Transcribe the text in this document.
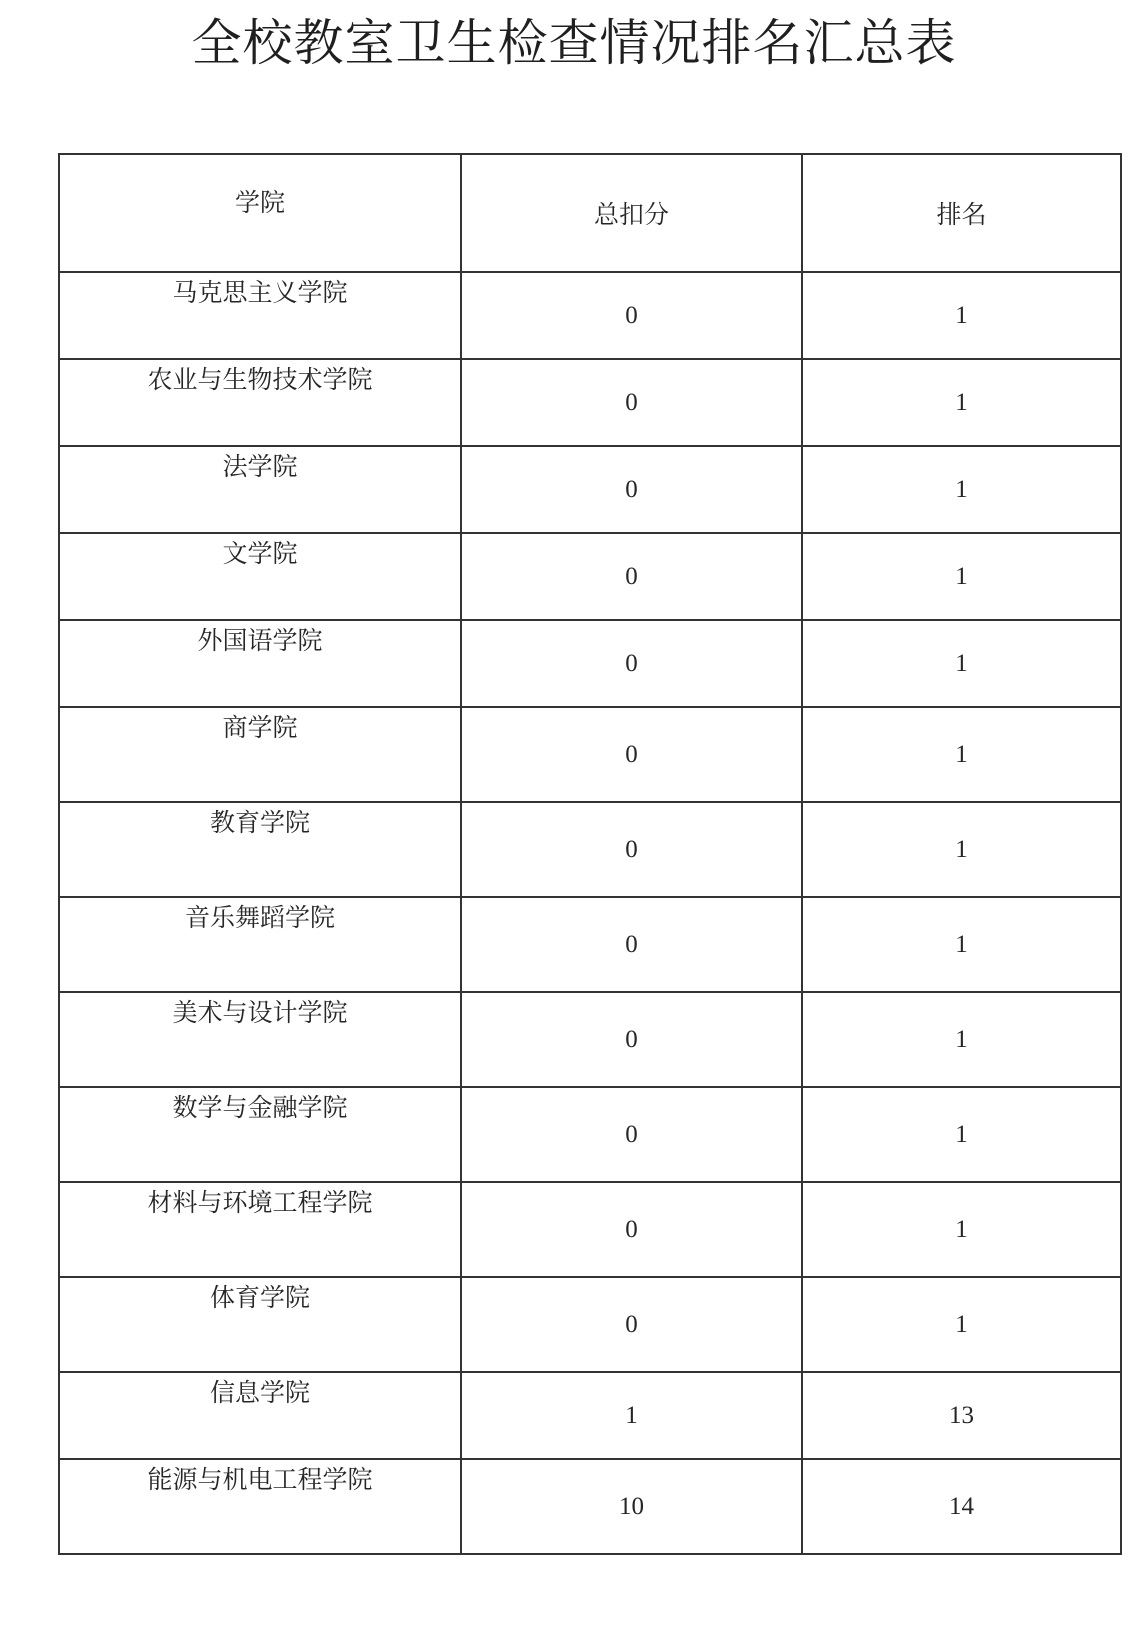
全校教室卫生检查情况排名汇总表
学院	总扣分	排名
马克思主义学院	0	1
农业与生物技术学院	0	1
法学院	0	1
文学院	0	1
外国语学院	0	1
商学院	0	1
教育学院	0	1
音乐舞蹈学院	0	1
美术与设计学院	0	1
数学与金融学院	0	1
材料与环境工程学院	0	1
体育学院	0	1
信息学院	1	13
能源与机电工程学院	10	14
